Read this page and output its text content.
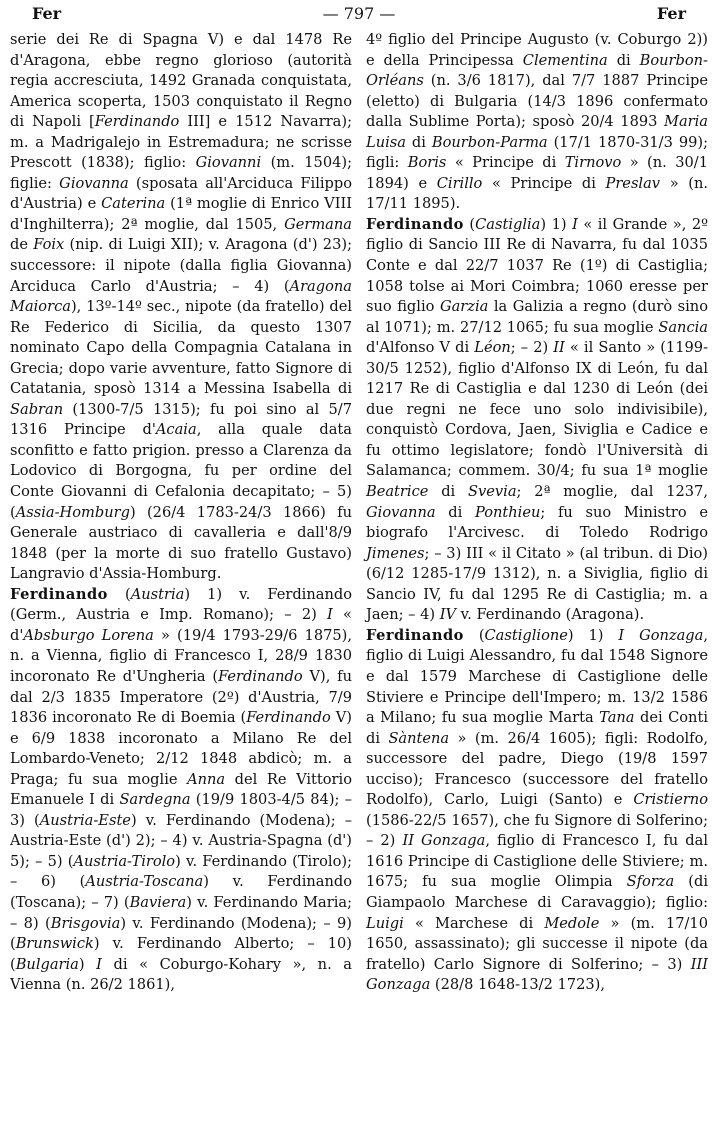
Fer	— 797 —	Fer

serie dei Re di Spagna V) e dal 1478 Re d'Aragona, ebbe regno glorioso (autorità regia accresciuta, 1492 Granada conquistata, America scoperta, 1503 conquistato il Regno di Napoli [Ferdinando III] e 1512 Navarra); m. a Madrigalejo in Estremadura; ne scrisse Prescott (1838); figlio: Giovanni (m. 1504); figlie: Giovanna (sposata all'Arciduca Filippo d'Austria) e Caterina (1ª moglie di Enrico VIII d'Inghilterra); 2ª moglie, dal 1505, Germana de Foix (nip. di Luigi XII); v. Aragona (d') 23); successore: il nipote (dalla figlia Giovanna) Arciduca Carlo d'Austria; – 4) (Aragona Maiorca), 13º-14º sec., nipote (da fratello) del Re Federico di Sicilia, da questo 1307 nominato Capo della Compagnia Catalana in Grecia; dopo varie avventure, fatto Signore di Catatania, sposò 1314 a Messina Isabella di Sabran (1300-7/5 1315); fu poi sino al 5/7 1316 Principe d'Acaia, alla quale data sconfitto e fatto prigion. presso a Clarenza da Lodovico di Borgogna, fu per ordine del Conte Giovanni di Cefalonia decapitato; – 5) (Assia-Homburg) (26/4 1783-24/3 1866) fu Generale austriaco di cavalleria e dall'8/9 1848 (per la morte di suo fratello Gustavo) Langravio d'Assia-Homburg.

Ferdinando (Austria) 1) v. Ferdinando (Germ., Austria e Imp. Romano); – 2) I « d'Absburgo Lorena » (19/4 1793-29/6 1875), n. a Vienna, figlio di Francesco I, 28/9 1830 incoronato Re d'Ungheria (Ferdinando V), fu dal 2/3 1835 Imperatore (2º) d'Austria, 7/9 1836 incoronato Re di Boemia (Ferdinando V) e 6/9 1838 incoronato a Milano Re del Lombardo-Veneto; 2/12 1848 abdicò; m. a Praga; fu sua moglie Anna del Re Vittorio Emanuele I di Sardegna (19/9 1803-4/5 84); – 3) (Austria-Este) v. Ferdinando (Modena); – Austria-Este (d') 2); – 4) v. Austria-Spagna (d') 5); – 5) (Austria-Tirolo) v. Ferdinando (Tirolo); – 6) (Austria-Toscana) v. Ferdinando (Toscana); – 7) (Baviera) v. Ferdinando Maria; – 8) (Brisgovia) v. Ferdinando (Modena); – 9) (Brunswick) v. Ferdinando Alberto; – 10) (Bulgaria) I di « Coburgo-Kohary », n. a Vienna (n. 26/2 1861),

4º figlio del Principe Augusto (v. Coburgo 2)) e della Principessa Clementina di Bourbon-Orléans (n. 3/6 1817), dal 7/7 1887 Principe (eletto) di Bulgaria (14/3 1896 confermato dalla Sublime Porta); sposò 20/4 1893 Maria Luisa di Bourbon-Parma (17/1 1870-31/3 99); figli: Boris « Principe di Tirnovo » (n. 30/1 1894) e Cirillo « Principe di Preslav » (n. 17/11 1895).

Ferdinando (Castiglia) 1) I « il Grande », 2º figlio di Sancio III Re di Navarra, fu dal 1035 Conte e dal 22/7 1037 Re (1º) di Castiglia; 1058 tolse ai Mori Coimbra; 1060 eresse per suo figlio Garzia la Galizia a regno (durò sino al 1071); m. 27/12 1065; fu sua moglie Sancia d'Alfonso V di Léon; – 2) II « il Santo » (1199-30/5 1252), figlio d'Alfonso IX di León, fu dal 1217 Re di Castiglia e dal 1230 di León (dei due regni ne fece uno solo indivisibile), conquistò Cordova, Jaen, Siviglia e Cadice e fu ottimo legislatore; fondò l'Università di Salamanca; commem. 30/4; fu sua 1ª moglie Beatrice di Svevia; 2ª moglie, dal 1237, Giovanna di Ponthieu; fu suo Ministro e biografo l'Arcivesc. di Toledo Rodrigo Jimenes; – 3) III « il Citato » (al tribun. di Dio) (6/12 1285-17/9 1312), n. a Siviglia, figlio di Sancio IV, fu dal 1295 Re di Castiglia; m. a Jaen; – 4) IV v. Ferdinando (Aragona).

Ferdinando (Castiglione) 1) I Gonzaga, figlio di Luigi Alessandro, fu dal 1548 Signore e dal 1579 Marchese di Castiglione delle Stiviere e Principe dell'Impero; m. 13/2 1586 a Milano; fu sua moglie Marta Tana dei Conti di Sàntena » (m. 26/4 1605); figli: Rodolfo, successore del padre, Diego (19/8 1597 ucciso); Francesco (successore del fratello Rodolfo), Carlo, Luigi (Santo) e Cristierno (1586-22/5 1657), che fu Signore di Solferino; – 2) II Gonzaga, figlio di Francesco I, fu dal 1616 Principe di Castiglione delle Stiviere; m. 1675; fu sua moglie Olimpia Sforza (di Giampaolo Marchese di Caravaggio); figlio: Luigi « Marchese di Medole » (m. 17/10 1650, assassinato); gli successe il nipote (da fratello) Carlo Signore di Solferino; – 3) III Gonzaga (28/8 1648-13/2 1723),
